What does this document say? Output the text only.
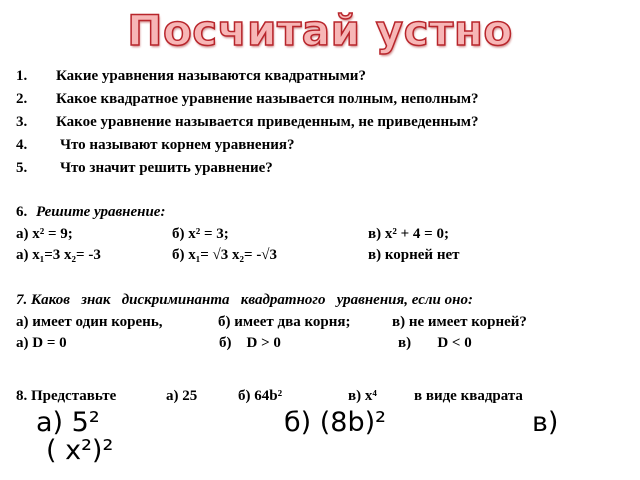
Посчитай устно
1. Какие уравнения называются квадратными?
2. Какое квадратное уравнение называется полным, неполным?
3. Какое уравнение называется приведенным, не приведенным?
4. Что называют корнем уравнения?
5. Что значит решить уравнение?
6. Решите уравнение:
а) x² = 9;	б) x² = 3;	в) x² + 4 = 0;
а) x₁=3 x₂= -3	б) x₁= √3 x₂= -√3	в) корней нет
7. Каков   знак   дискриминанта   квадратного   уравнения, если оно:
а) имеет один корень,	б) имеет два корня;	в) не имеет корней?
а) D = 0	б)    D ˃ 0	в)       D ˂ 0
8. Представьте	а) 25	б) 64b²	в) x⁴ в виде квадрата
а) 5²	б) (8b)²	в)
( x²)²
